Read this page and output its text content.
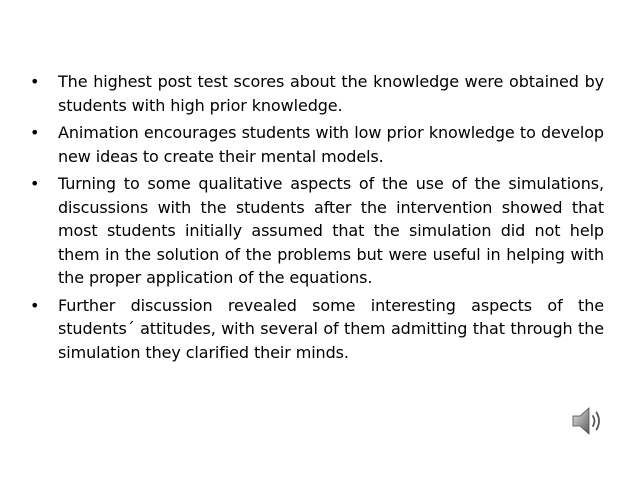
• The highest post test scores about the knowledge were obtained by students with high prior knowledge.
• Animation encourages students with low prior knowledge to develop new ideas to create their mental models.
• Turning to some qualitative aspects of the use of the simulations, discussions with the students after the intervention showed that most students initially assumed that the simulation did not help them in the solution of the problems but were useful in helping with the proper application of the equations.
• Further discussion revealed some interesting aspects of the students´ attitudes, with several of them admitting that through the simulation they clarified their minds.
